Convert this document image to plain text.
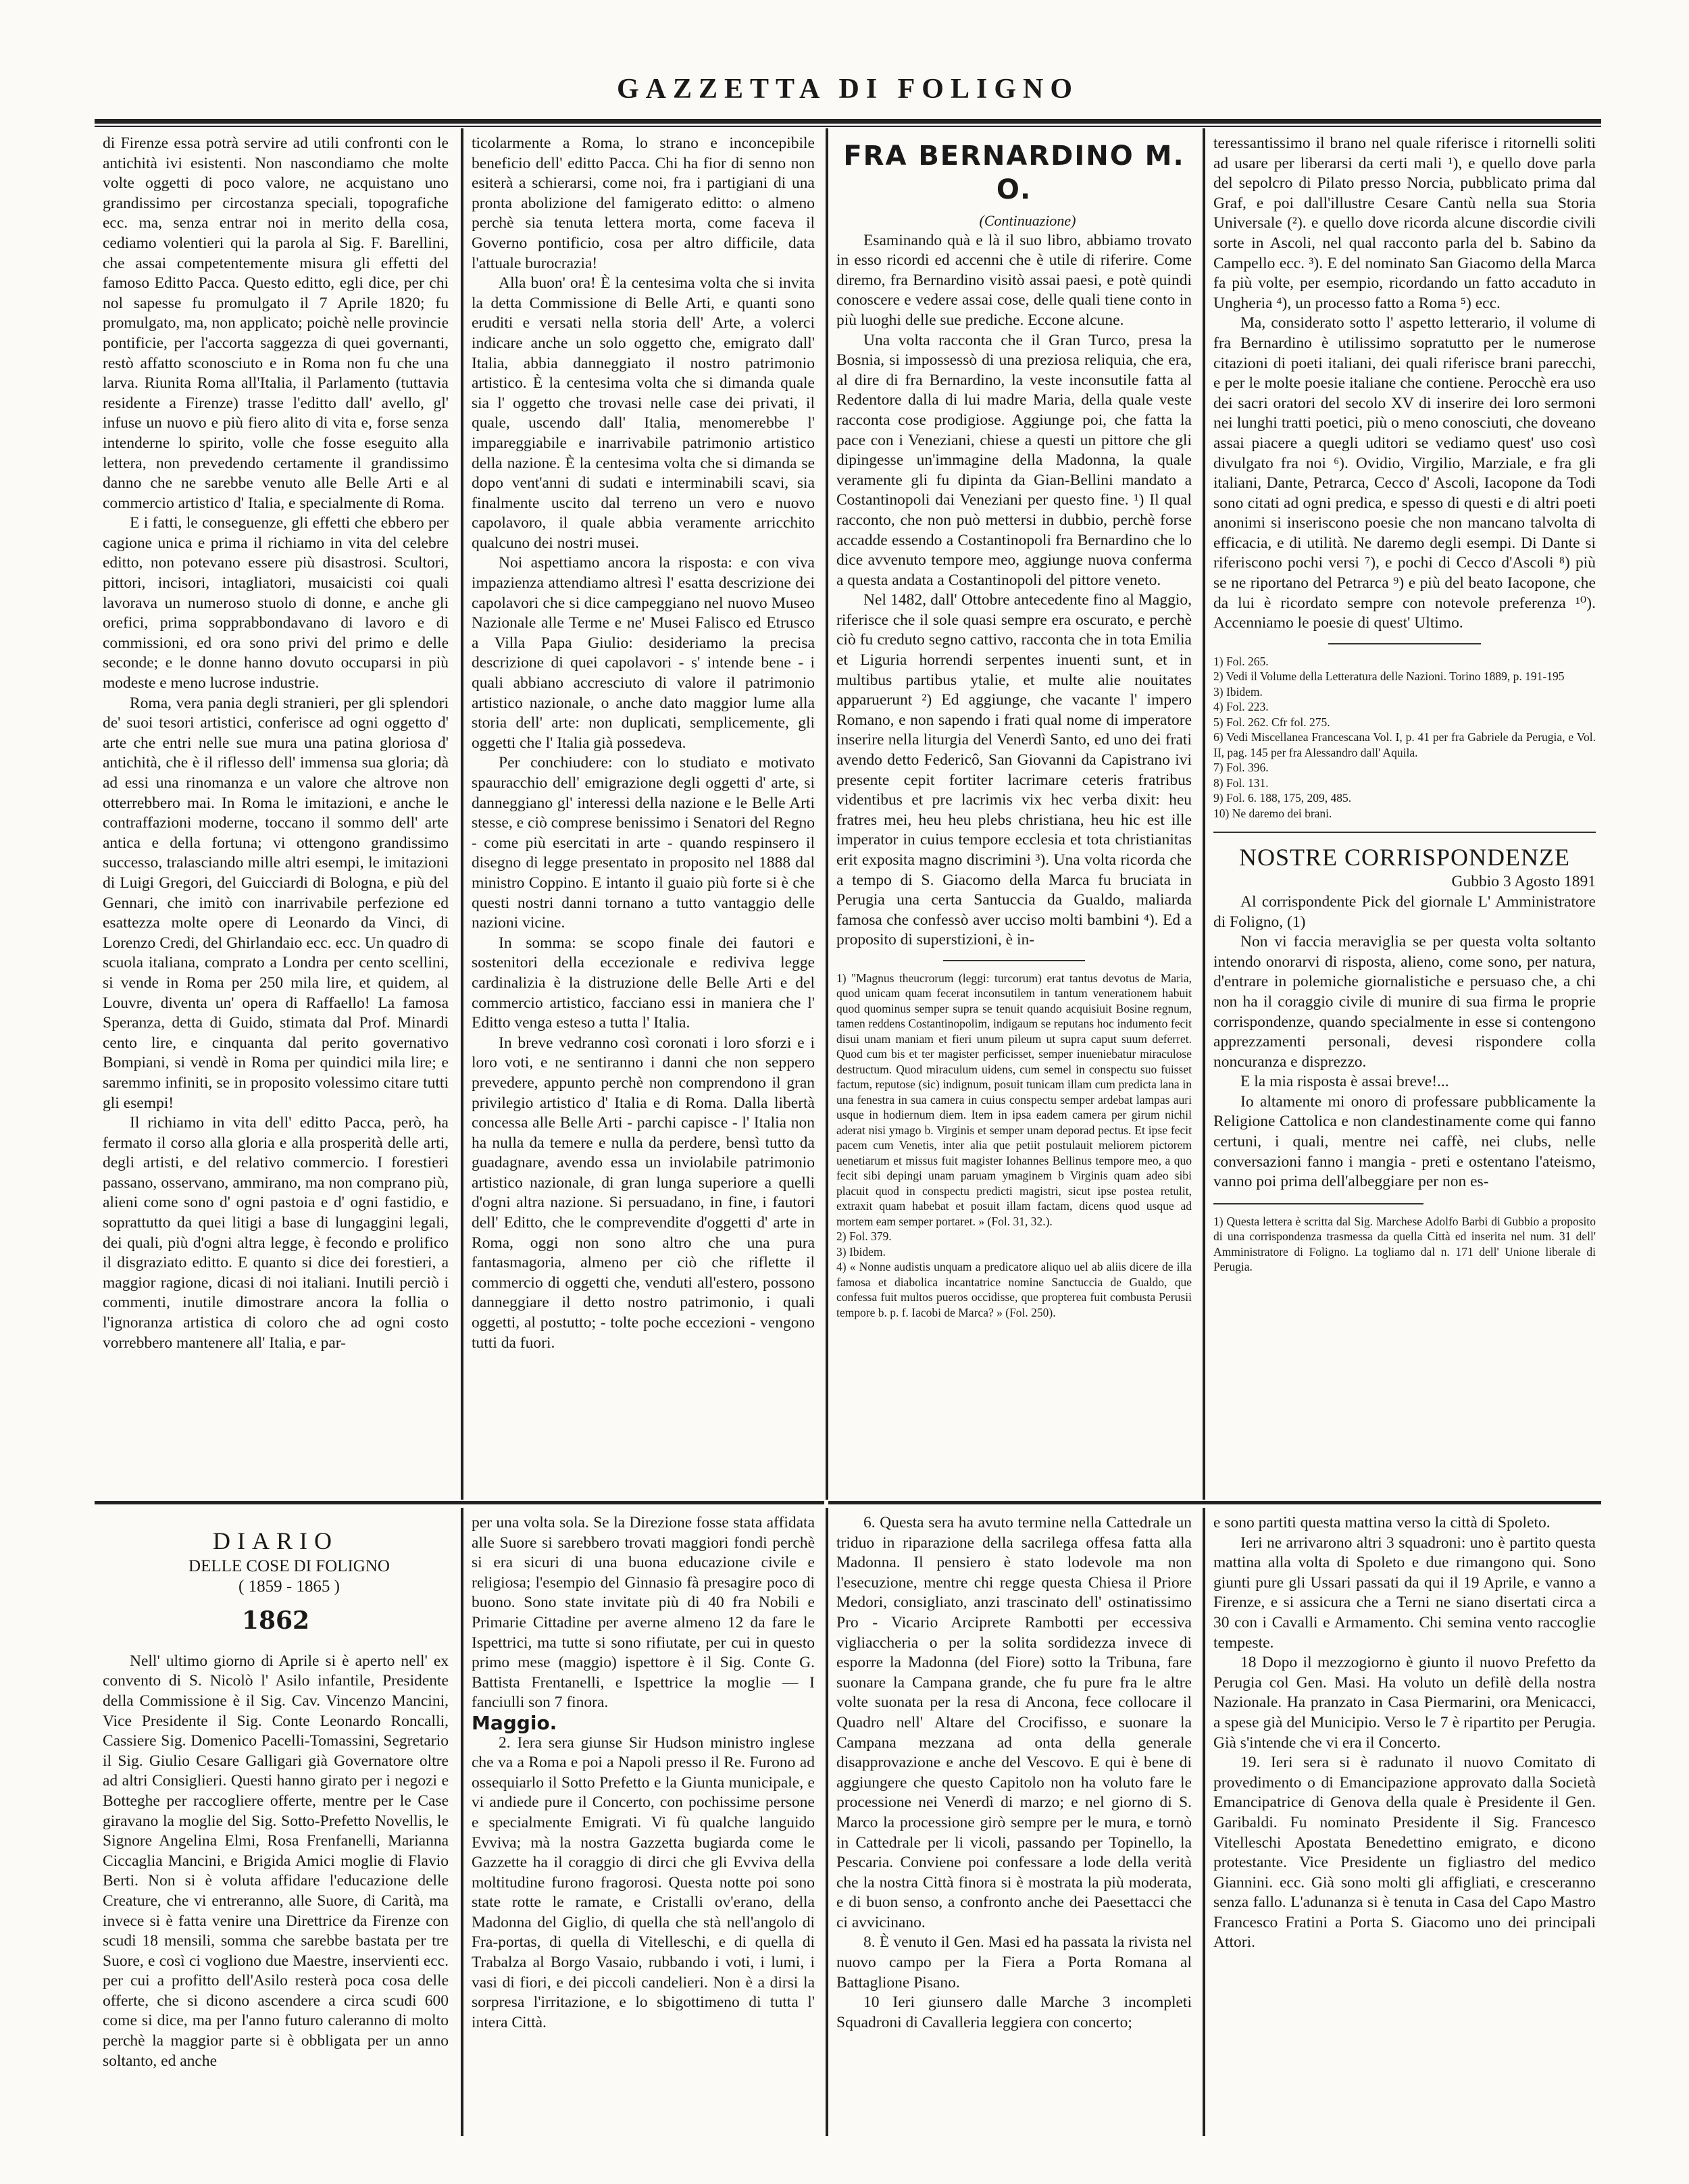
GAZZETTA DI FOLIGNO

di Firenze essa potrà servire ad utili confronti con le antichità ivi esistenti. Non nascondiamo che molte volte oggetti di poco valore, ne acquistano uno grandissimo per circostanza speciali, topografiche ecc. ma, senza entrar noi in merito della cosa, cediamo volentieri qui la parola al Sig. F. Barellini, che assai competentemente misura gli effetti del famoso Editto Pacca. Questo editto, egli dice, per chi nol sapesse fu promulgato il 7 Aprile 1820; fu promulgato, ma, non applicato; poichè nelle provincie pontificie, per l'accorta saggezza di quei governanti, restò affatto sconosciuto e in Roma non fu che una larva. Riunita Roma all'Italia, il Parlamento (tuttavia residente a Firenze) trasse l'editto dall' avello, gl' infuse un nuovo e più fiero alito di vita e, forse senza intenderne lo spirito, volle che fosse eseguito alla lettera, non prevedendo certamente il grandissimo danno che ne sarebbe venuto alle Belle Arti e al commercio artistico d' Italia, e specialmente di Roma.

E i fatti, le conseguenze, gli effetti che ebbero per cagione unica e prima il richiamo in vita del celebre editto, non potevano essere più disastrosi. Scultori, pittori, incisori, intagliatori, musaicisti coi quali lavorava un numeroso stuolo di donne, e anche gli orefici, prima sopprabbondavano di lavoro e di commissioni, ed ora sono privi del primo e delle seconde; e le donne hanno dovuto occuparsi in più modeste e meno lucrose industrie.

Roma, vera pania degli stranieri, per gli splendori de' suoi tesori artistici, conferisce ad ogni oggetto d' arte che entri nelle sue mura una patina gloriosa d' antichità, che è il riflesso dell' immensa sua gloria; dà ad essi una rinomanza e un valore che altrove non otterrebbero mai. In Roma le imitazioni, e anche le contraffazioni moderne, toccano il sommo dell' arte antica e della fortuna; vi ottengono grandissimo successo, tralasciando mille altri esempi, le imitazioni di Luigi Gregori, del Guicciardi di Bologna, e più del Gennari, che imitò con inarrivabile perfezione ed esattezza molte opere di Leonardo da Vinci, di Lorenzo Credi, del Ghirlandaio ecc. ecc. Un quadro di scuola italiana, comprato a Londra per cento scellini, si vende in Roma per 250 mila lire, et quidem, al Louvre, diventa un' opera di Raffaello! La famosa Speranza, detta di Guido, stimata dal Prof. Minardi cento lire, e cinquanta dal perito governativo Bompiani, si vendè in Roma per quindici mila lire; e saremmo infiniti, se in proposito volessimo citare tutti gli esempi!

Il richiamo in vita dell' editto Pacca, però, ha fermato il corso alla gloria e alla prosperità delle arti, degli artisti, e del relativo commercio. I forestieri passano, osservano, ammirano, ma non comprano più, alieni come sono d' ogni pastoia e d' ogni fastidio, e soprattutto da quei litigi a base di lungaggini legali, dei quali, più d'ogni altra legge, è fecondo e prolifico il disgraziato editto. E quanto si dice dei forestieri, a maggior ragione, dicasi di noi italiani. Inutili perciò i commenti, inutile dimostrare ancora la follia o l'ignoranza artistica di coloro che ad ogni costo vorrebbero mantenere all' Italia, e par-

ticolarmente a Roma, lo strano e inconcepibile beneficio dell' editto Pacca. Chi ha fior di senno non esiterà a schierarsi, come noi, fra i partigiani di una pronta abolizione del famigerato editto: o almeno perchè sia tenuta lettera morta, come faceva il Governo pontificio, cosa per altro difficile, data l'attuale burocrazia!

Alla buon' ora! È la centesima volta che si invita la detta Commissione di Belle Arti, e quanti sono eruditi e versati nella storia dell' Arte, a volerci indicare anche un solo oggetto che, emigrato dall' Italia, abbia danneggiato il nostro patrimonio artistico. È la centesima volta che si dimanda quale sia l' oggetto che trovasi nelle case dei privati, il quale, uscendo dall' Italia, menomerebbe l' impareggiabile e inarrivabile patrimonio artistico della nazione. È la centesima volta che si dimanda se dopo vent'anni di sudati e interminabili scavi, sia finalmente uscito dal terreno un vero e nuovo capolavoro, il quale abbia veramente arricchito qualcuno dei nostri musei.

Noi aspettiamo ancora la risposta: e con viva impazienza attendiamo altresì l' esatta descrizione dei capolavori che si dice campeggiano nel nuovo Museo Nazionale alle Terme e ne' Musei Falisco ed Etrusco a Villa Papa Giulio: desideriamo la precisa descrizione di quei capolavori - s' intende bene - i quali abbiano accresciuto di valore il patrimonio artistico nazionale, o anche dato maggior lume alla storia dell' arte: non duplicati, semplicemente, gli oggetti che l' Italia già possedeva.

Per conchiudere: con lo studiato e motivato spauracchio dell' emigrazione degli oggetti d' arte, si danneggiano gl' interessi della nazione e le Belle Arti stesse, e ciò comprese benissimo i Senatori del Regno - come più esercitati in arte - quando respinsero il disegno di legge presentato in proposito nel 1888 dal ministro Coppino. E intanto il guaio più forte si è che questi nostri danni tornano a tutto vantaggio delle nazioni vicine.

In somma: se scopo finale dei fautori e sostenitori della eccezionale e rediviva legge cardinalizia è la distruzione delle Belle Arti e del commercio artistico, facciano essi in maniera che l' Editto venga esteso a tutta l' Italia.

In breve vedranno così coronati i loro sforzi e i loro voti, e ne sentiranno i danni che non seppero prevedere, appunto perchè non comprendono il gran privilegio artistico d' Italia e di Roma. Dalla libertà concessa alle Belle Arti - parchi capisce - l' Italia non ha nulla da temere e nulla da perdere, bensì tutto da guadagnare, avendo essa un inviolabile patrimonio artistico nazionale, di gran lunga superiore a quelli d'ogni altra nazione. Si persuadano, in fine, i fautori dell' Editto, che le comprevendite d'oggetti d' arte in Roma, oggi non sono altro che una pura fantasmagoria, almeno per ciò che riflette il commercio di oggetti che, venduti all'estero, possono danneggiare il detto nostro patrimonio, i quali oggetti, al postutto; - tolte poche eccezioni - vengono tutti da fuori.

FRA BERNARDINO M. O.

(Continuazione)

Esaminando quà e là il suo libro, abbiamo trovato in esso ricordi ed accenni che è utile di riferire. Come diremo, fra Bernardino visitò assai paesi, e potè quindi conoscere e vedere assai cose, delle quali tiene conto in più luoghi delle sue prediche. Eccone alcune.

Una volta racconta che il Gran Turco, presa la Bosnia, si impossessò di una preziosa reliquia, che era, al dire di fra Bernardino, la veste inconsutile fatta al Redentore dalla di lui madre Maria, della quale veste racconta cose prodigiose. Aggiunge poi, che fatta la pace con i Veneziani, chiese a questi un pittore che gli dipingesse un'immagine della Madonna, la quale veramente gli fu dipinta da Gian-Bellini mandato a Costantinopoli dai Veneziani per questo fine. ¹) Il qual racconto, che non può mettersi in dubbio, perchè forse accadde essendo a Costantinopoli fra Bernardino che lo dice avvenuto tempore meo, aggiunge nuova conferma a questa andata a Costantinopoli del pittore veneto.

Nel 1482, dall' Ottobre antecedente fino al Maggio, riferisce che il sole quasi sempre era oscurato, e perchè ciò fu creduto segno cattivo, racconta che in tota Emilia et Liguria horrendi serpentes inuenti sunt, et in multibus partibus ytalie, et multe alie nouitates apparuerunt ²) Ed aggiunge, che vacante l' impero Romano, e non sapendo i frati qual nome di imperatore inserire nella liturgia del Venerdì Santo, ed uno dei frati avendo detto Federicô, San Giovanni da Capistrano ivi presente cepit fortiter lacrimare ceteris fratribus videntibus et pre lacrimis vix hec verba dixit: heu fratres mei, heu heu plebs christiana, heu hic est ille imperator in cuius tempore ecclesia et tota christianitas erit exposita magno discrimini ³). Una volta ricorda che a tempo di S. Giacomo della Marca fu bruciata in Perugia una certa Santuccia da Gualdo, maliarda famosa che confessò aver ucciso molti bambini ⁴). Ed a proposito di superstizioni, è in-

1) "Magnus theucrorum (leggi: turcorum) erat tantus devotus de Maria, quod unicam quam fecerat inconsutilem in tantum venerationem habuit quod quominus semper supra se tenuit quando acquisiuit Bosine regnum, tamen reddens Costantinopolim, indigaum se reputans hoc indumento fecit disui unam maniam et fieri unum pileum ut supra caput suum deferret. Quod cum bis et ter magister perficisset, semper inueniebatur miraculose destructum. Quod miraculum uidens, cum semel in conspectu suo fuisset factum, reputose (sic) indignum, posuit tunicam illam cum predicta lana in una fenestra in sua camera in cuius conspectu semper ardebat lampas auri usque in hodiernum diem. Item in ipsa eadem camera per girum nichil aderat nisi ymago b. Virginis et semper unam deporad pectus. Et ipse fecit pacem cum Venetis, inter alia que petiit postulauit meliorem pictorem uenetiarum et missus fuit magister Iohannes Bellinus tempore meo, a quo fecit sibi depingi unam paruam ymaginem b Virginis quam adeo sibi placuit quod in conspectu predicti magistri, sicut ipse postea retulit, extraxit quam habebat et posuit illam factam, dicens quod usque ad mortem eam semper portaret. » (Fol. 31, 32.).

2) Fol. 379.

3) Ibidem.

4) « Nonne audistis unquam a predicatore aliquo uel ab aliis dicere de illa famosa et diabolica incantatrice nomine Sanctuccia de Gualdo, que confessa fuit multos pueros occidisse, que propterea fuit combusta Perusii tempore b. p. f. Iacobi de Marca? » (Fol. 250).

teressantissimo il brano nel quale riferisce i ritornelli soliti ad usare per liberarsi da certi mali ¹), e quello dove parla del sepolcro di Pilato presso Norcia, pubblicato prima dal Graf, e poi dall'illustre Cesare Cantù nella sua Storia Universale (²). e quello dove ricorda alcune discordie civili sorte in Ascoli, nel qual racconto parla del b. Sabino da Campello ecc. ³). E del nominato San Giacomo della Marca fa più volte, per esempio, ricordando un fatto accaduto in Ungheria ⁴), un processo fatto a Roma ⁵) ecc.

Ma, considerato sotto l' aspetto letterario, il volume di fra Bernardino è utilissimo sopratutto per le numerose citazioni di poeti italiani, dei quali riferisce brani parecchi, e per le molte poesie italiane che contiene. Perocchè era uso dei sacri oratori del secolo XV di inserire dei loro sermoni nei lunghi tratti poetici, più o meno conosciuti, che doveano assai piacere a quegli uditori se vediamo quest' uso così divulgato fra noi ⁶). Ovidio, Virgilio, Marziale, e fra gli italiani, Dante, Petrarca, Cecco d' Ascoli, Iacopone da Todi sono citati ad ogni predica, e spesso di questi e di altri poeti anonimi si inseriscono poesie che non mancano talvolta di efficacia, e di utilità. Ne daremo degli esempi. Di Dante si riferiscono pochi versi ⁷), e pochi di Cecco d'Ascoli ⁸) più se ne riportano del Petrarca ⁹) e più del beato Iacopone, che da lui è ricordato sempre con notevole preferenza ¹⁰). Accenniamo le poesie di quest' Ultimo.

1) Fol. 265.

2) Vedi il Volume della Letteratura delle Nazioni. Torino 1889, p. 191-195

3) Ibidem.

4) Fol. 223.

5) Fol. 262. Cfr fol. 275.

6) Vedi Miscellanea Francescana Vol. I, p. 41 per fra Gabriele da Perugia, e Vol. II, pag. 145 per fra Alessandro dall' Aquila.

7) Fol. 396.

8) Fol. 131.

9) Fol. 6. 188, 175, 209, 485.

10) Ne daremo dei brani.

NOSTRE CORRISPONDENZE

Gubbio 3 Agosto 1891

Al corrispondente Pick del giornale L' Amministratore di Foligno, (1)

Non vi faccia meraviglia se per questa volta soltanto intendo onorarvi di risposta, alieno, come sono, per natura, d'entrare in polemiche giornalistiche e persuaso che, a chi non ha il coraggio civile di munire di sua firma le proprie corrispondenze, quando specialmente in esse si contengono apprezzamenti personali, devesi rispondere colla noncuranza e disprezzo.

E la mia risposta è assai breve!...

Io altamente mi onoro di professare pubblicamente la Religione Cattolica e non clandestinamente come qui fanno certuni, i quali, mentre nei caffè, nei clubs, nelle conversazioni fanno i mangia - preti e ostentano l'ateismo, vanno poi prima dell'albeggiare per non es-

1) Questa lettera è scritta dal Sig. Marchese Adolfo Barbi di Gubbio a proposito di una corrispondenza trasmessa da quella Città ed inserita nel num. 31 dell' Amministratore di Foligno. La togliamo dal n. 171 dell' Unione liberale di Perugia.

DIARIO

DELLE COSE DI FOLIGNO

( 1859 - 1865 )

1862

Nell' ultimo giorno di Aprile si è aperto nell' ex convento di S. Nicolò l' Asilo infantile, Presidente della Commissione è il Sig. Cav. Vincenzo Mancini, Vice Presidente il Sig. Conte Leonardo Roncalli, Cassiere Sig. Domenico Pacelli-Tomassini, Segretario il Sig. Giulio Cesare Galligari già Governatore oltre ad altri Consiglieri. Questi hanno girato per i negozi e Botteghe per raccogliere offerte, mentre per le Case giravano la moglie del Sig. Sotto-Prefetto Novellis, le Signore Angelina Elmi, Rosa Frenfanelli, Marianna Ciccaglia Mancini, e Brigida Amici moglie di Flavio Berti. Non si è voluta affidare l'educazione delle Creature, che vi entreranno, alle Suore, di Carità, ma invece si è fatta venire una Direttrice da Firenze con scudi 18 mensili, somma che sarebbe bastata per tre Suore, e così ci vogliono due Maestre, inservienti ecc. per cui a profitto dell'Asilo resterà poca cosa delle offerte, che si dicono ascendere a circa scudi 600 come si dice, ma per l'anno futuro caleranno di molto perchè la maggior parte si è obbligata per un anno soltanto, ed anche

per una volta sola. Se la Direzione fosse stata affidata alle Suore si sarebbero trovati maggiori fondi perchè si era sicuri di una buona educazione civile e religiosa; l'esempio del Ginnasio fà presagire poco di buono. Sono state invitate più di 40 fra Nobili e Primarie Cittadine per averne almeno 12 da fare le Ispettrici, ma tutte si sono rifiutate, per cui in questo primo mese (maggio) ispettore è il Sig. Conte G. Battista Frentanelli, e Ispettrice la moglie — I fanciulli son 7 finora.

Maggio.

2. Iera sera giunse Sir Hudson ministro inglese che va a Roma e poi a Napoli presso il Re. Furono ad ossequiarlo il Sotto Prefetto e la Giunta municipale, e vi andiede pure il Concerto, con pochissime persone e specialmente Emigrati. Vi fù qualche languido Evviva; mà la nostra Gazzetta bugiarda come le Gazzette ha il coraggio di dirci che gli Evviva della moltitudine furono fragorosi. Questa notte poi sono state rotte le ramate, e Cristalli ov'erano, della Madonna del Giglio, di quella che stà nell'angolo di Fra-portas, di quella di Vitelleschi, e di quella di Trabalza al Borgo Vasaio, rubbando i voti, i lumi, i vasi di fiori, e dei piccoli candelieri. Non è a dirsi la sorpresa l'irritazione, e lo sbigottimeno di tutta l' intera Città.

6. Questa sera ha avuto termine nella Cattedrale un triduo in riparazione della sacrilega offesa fatta alla Madonna. Il pensiero è stato lodevole ma non l'esecuzione, mentre chi regge questa Chiesa il Priore Medori, consigliato, anzi trascinato dell' ostinatissimo Pro - Vicario Arciprete Rambotti per eccessiva vigliaccheria o per la solita sordidezza invece di esporre la Madonna (del Fiore) sotto la Tribuna, fare suonare la Campana grande, che fu pure fra le altre volte suonata per la resa di Ancona, fece collocare il Quadro nell' Altare del Crocifisso, e suonare la Campana mezzana ad onta della generale disapprovazione e anche del Vescovo. E qui è bene di aggiungere che questo Capitolo non ha voluto fare le processione nei Venerdì di marzo; e nel giorno di S. Marco la processione girò sempre per le mura, e tornò in Cattedrale per li vicoli, passando per Topinello, la Pescaria. Conviene poi confessare a lode della verità che la nostra Città finora si è mostrata la più moderata, e di buon senso, a confronto anche dei Paesettacci che ci avvicinano.

8. È venuto il Gen. Masi ed ha passata la rivista nel nuovo campo per la Fiera a Porta Romana al Battaglione Pisano.

10 Ieri giunsero dalle Marche 3 incompleti Squadroni di Cavalleria leggiera con concerto;

e sono partiti questa mattina verso la città di Spoleto.

Ieri ne arrivarono altri 3 squadroni: uno è partito questa mattina alla volta di Spoleto e due rimangono qui. Sono giunti pure gli Ussari passati da qui il 19 Aprile, e vanno a Firenze, e si assicura che a Terni ne siano disertati circa a 30 con i Cavalli e Armamento. Chi semina vento raccoglie tempeste.

18 Dopo il mezzogiorno è giunto il nuovo Prefetto da Perugia col Gen. Masi. Ha voluto un defilè della nostra Nazionale. Ha pranzato in Casa Piermarini, ora Menicacci, a spese già del Municipio. Verso le 7 è ripartito per Perugia. Già s'intende che vi era il Concerto.

19. Ieri sera si è radunato il nuovo Comitato di provedimento o di Emancipazione approvato dalla Società Emancipatrice di Genova della quale è Presidente il Gen. Garibaldi. Fu nominato Presidente il Sig. Francesco Vitelleschi Apostata Benedettino emigrato, e dicono protestante. Vice Presidente un figliastro del medico Giannini. ecc. Già sono molti gli affigliati, e cresceranno senza fallo. L'adunanza si è tenuta in Casa del Capo Mastro Francesco Fratini a Porta S. Giacomo uno dei principali Attori.
